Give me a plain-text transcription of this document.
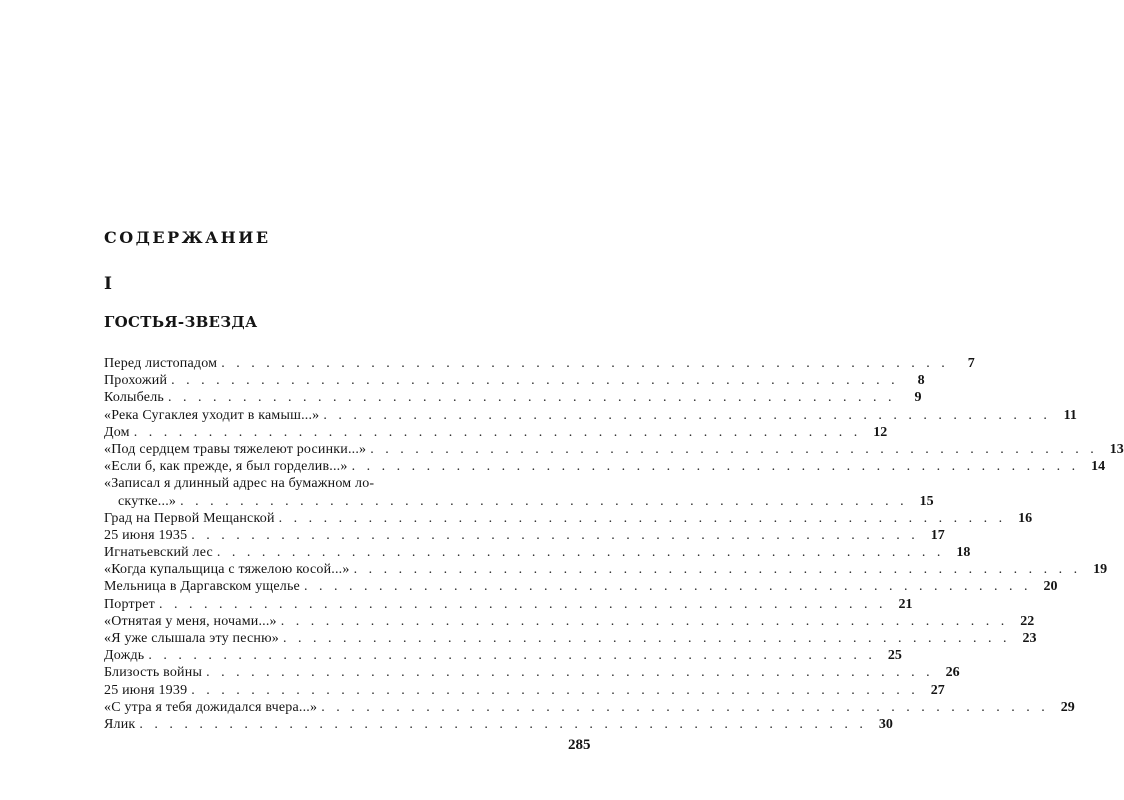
СОДЕРЖАНИЕ
I
ГОСТЬЯ-ЗВЕЗДА
Перед листопадом . . .	7
Прохожий . . .	8
Колыбель . . .	9
«Река Сугаклея уходит в камыш...» . . .	11
Дом . . .	12
«Под сердцем травы тяжелеют росинки...» . . .	13
«Если б, как прежде, я был горделив...» . . .	14
«Записал я длинный адрес на бумажном ло-
скутке...» . . .	15
Град на Первой Мещанской . . .	16
25 июня 1935 . . .	17
Игнатьевский лес . . .	18
«Когда купальщица с тяжелою косой...» . . .	19
Мельница в Даргавском ущелье . . .	20
Портрет . . .	21
«Отнятая у меня, ночами...» . . .	22
«Я уже слышала эту песню» . . .	23
Дождь . . .	25
Близость войны . . .	26
25 июня 1939 . . .	27
«С утра я тебя дожидался вчера...» . . .	29
Ялик . . .	30
285
